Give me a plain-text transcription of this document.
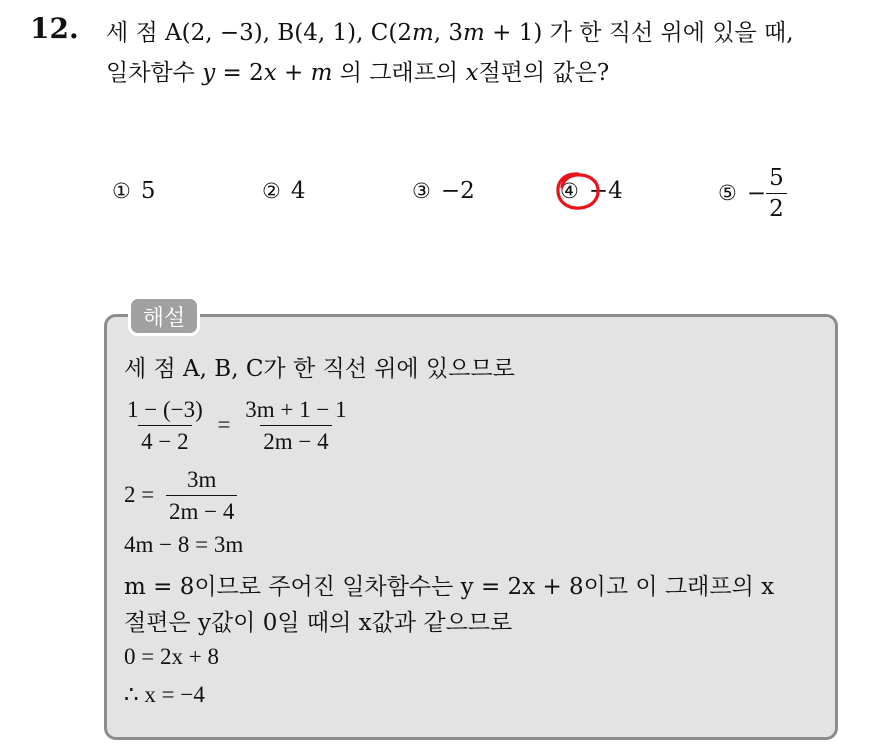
12. 세 점 A(2, −3), B(4, 1), C(2m, 3m + 1) 가 한 직선 위에 있을 때,
일차함수 y = 2x + m 의 그래프의 x절편의 값은?
① 5	② 4	③ −2	④ −4	⑤ − $\frac{5}{2}$
해설
세 점 A, B, C가 한 직선 위에 있으므로
$\frac{1 - (-3)}{4 - 2} = \frac{3m + 1 - 1}{2m - 4}$
$2 = \frac{3m}{2m - 4}$
4m − 8 = 3m
m = 8이므로 주어진 일차함수는 y = 2x + 8이고 이 그래프의 x
절편은 y값이 0일 때의 x값과 같으므로
0 = 2x + 8
∴ x = −4
